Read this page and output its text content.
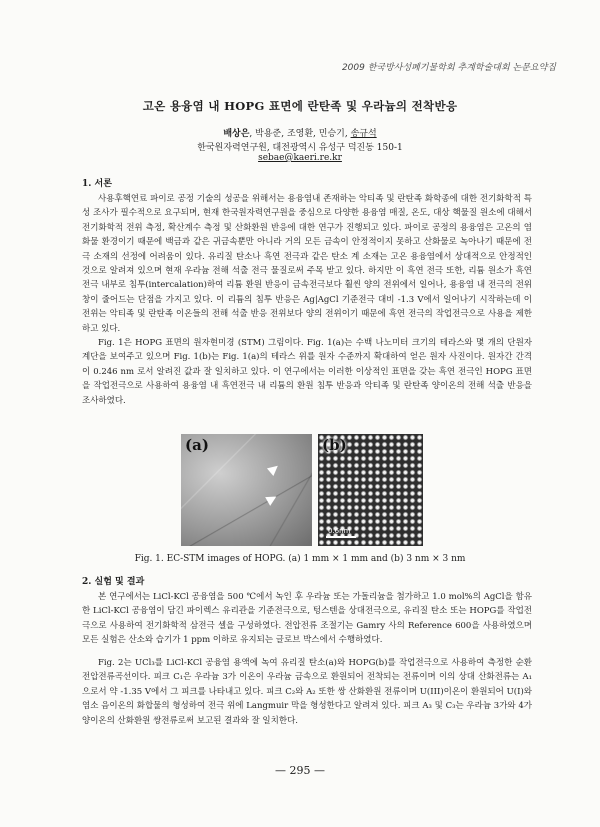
2009 한국방사성폐기물학회 추계학술대회 논문요약집
고온 용융염 내 HOPG 표면에 란탄족 및 우라늄의 전착반응
배상은, 박용준, 조영환, 민승기, 송규석
한국원자력연구원, 대전광역시 유성구 덕진동 150-1
sebae@kaeri.re.kr
1. 서론

사용후핵연료 파이로 공정 기술의 성공을 위해서는 용융염내 존재하는 악티족 및 란탄족 화학종에 대한 전기화학적 특성 조사가 필수적으로 요구되며, 현재 한국원자력연구원을 중심으로 다양한 용융염 매질, 온도, 대상 핵물질 원소에 대해서 전기화학적 전위 측정, 확산계수 측정 및 산화환원 반응에 대한 연구가 진행되고 있다. 파이로 공정의 용융염은 고온의 염화물 환경이기 때문에 백금과 같은 귀금속뿐만 아니라 거의 모든 금속이 안정적이지 못하고 산화물로 녹아나기 때문에 전극 소재의 선정에 어려움이 있다. 유리질 탄소나 흑연 전극과 같은 탄소 계 소재는 고온 용융염에서 상대적으로 안정적인 것으로 알려져 있으며 현재 우라늄 전해 석출 전극 물질로써 주목 받고 있다. 하지만 이 흑연 전극 또한, 리튬 원소가 흑연 전극 내부로 침투(intercalation)하여 리튬 환원 반응이 금속전극보다 훨씬 양의 전위에서 일어나, 용융염 내 전극의 전위창이 줄어드는 단점을 가지고 있다. 이 리튬의 침투 반응은 Ag|AgCl 기준전극 대비 -1.3 V에서 일어나기 시작하는데 이 전위는 악티족 및 란탄족 이온들의 전해 석출 반응 전위보다 양의 전위이기 때문에 흑연 전극의 작업전극으로 사용을 제한하고 있다.

Fig. 1은 HOPG 표면의 원자현미경 (STM) 그림이다. Fig. 1(a)는 수백 나노미터 크기의 테라스와 몇 개의 단원자 계단을 보여주고 있으며 Fig. 1(b)는 Fig. 1(a)의 테라스 위를 원자 수준까지 확대하여 얻은 원자 사진이다. 원자간 간격이 0.246 nm 로서 알려진 값과 잘 일치하고 있다. 이 연구에서는 이러한 이상적인 표면을 갖는 흑연 전극인 HOPG 표면을 작업전극으로 사용하여 용융염 내 흑연전극 내 리튬의 환원 침투 반응과 악티족 및 란탄족 양이온의 전해 석출 반응을 조사하였다.

(a)	(b)
0.6nm
Fig. 1. EC-STM images of HOPG. (a) 1 mm × 1 mm and (b) 3 nm × 3 nm
2. 실험 및 결과

본 연구에서는 LiCl-KCl 공융염을 500 ℃에서 녹인 후 우라늄 또는 가돌리늄을 첨가하고 1.0 mol%의 AgCl을 함유한 LiCl-KCl 공융염이 담긴 파이렉스 유리관을 기준전극으로, 텅스텐을 상대전극으로, 유리질 탄소 또는 HOPG를 작업전극으로 사용하여 전기화학적 삼전극 셀을 구성하였다. 전압전류 조절기는 Gamry 사의 Reference 600을 사용하였으며 모든 실험은 산소와 습기가 1 ppm 이하로 유지되는 글로브 박스에서 수행하였다.

Fig. 2는 UCl₃를 LiCl-KCl 공융염 용액에 녹여 유리질 탄소(a)와 HOPG(b)를 작업전극으로 사용하여 측정한 순환전압전류곡선이다. 피크 C₁은 우라늄 3가 이온이 우라늄 금속으로 환원되어 전착되는 전류이며 이의 상대 산화전류는 A₁으로서 약 -1.35 V에서 그 피크를 나타내고 있다. 피크 C₂와 A₂ 또한 쌍 산화환원 전류이며 U(III)이온이 환원되어 U(I)와 염소 음이온의 화합물의 형성하여 전극 위에 Langmuir 막을 형성한다고 알려져 있다. 피크 A₃ 및 C₃는 우라늄 3가와 4가 양이온의 산화환원 쌍전류로써 보고된 결과와 잘 일치한다.

— 295 —
